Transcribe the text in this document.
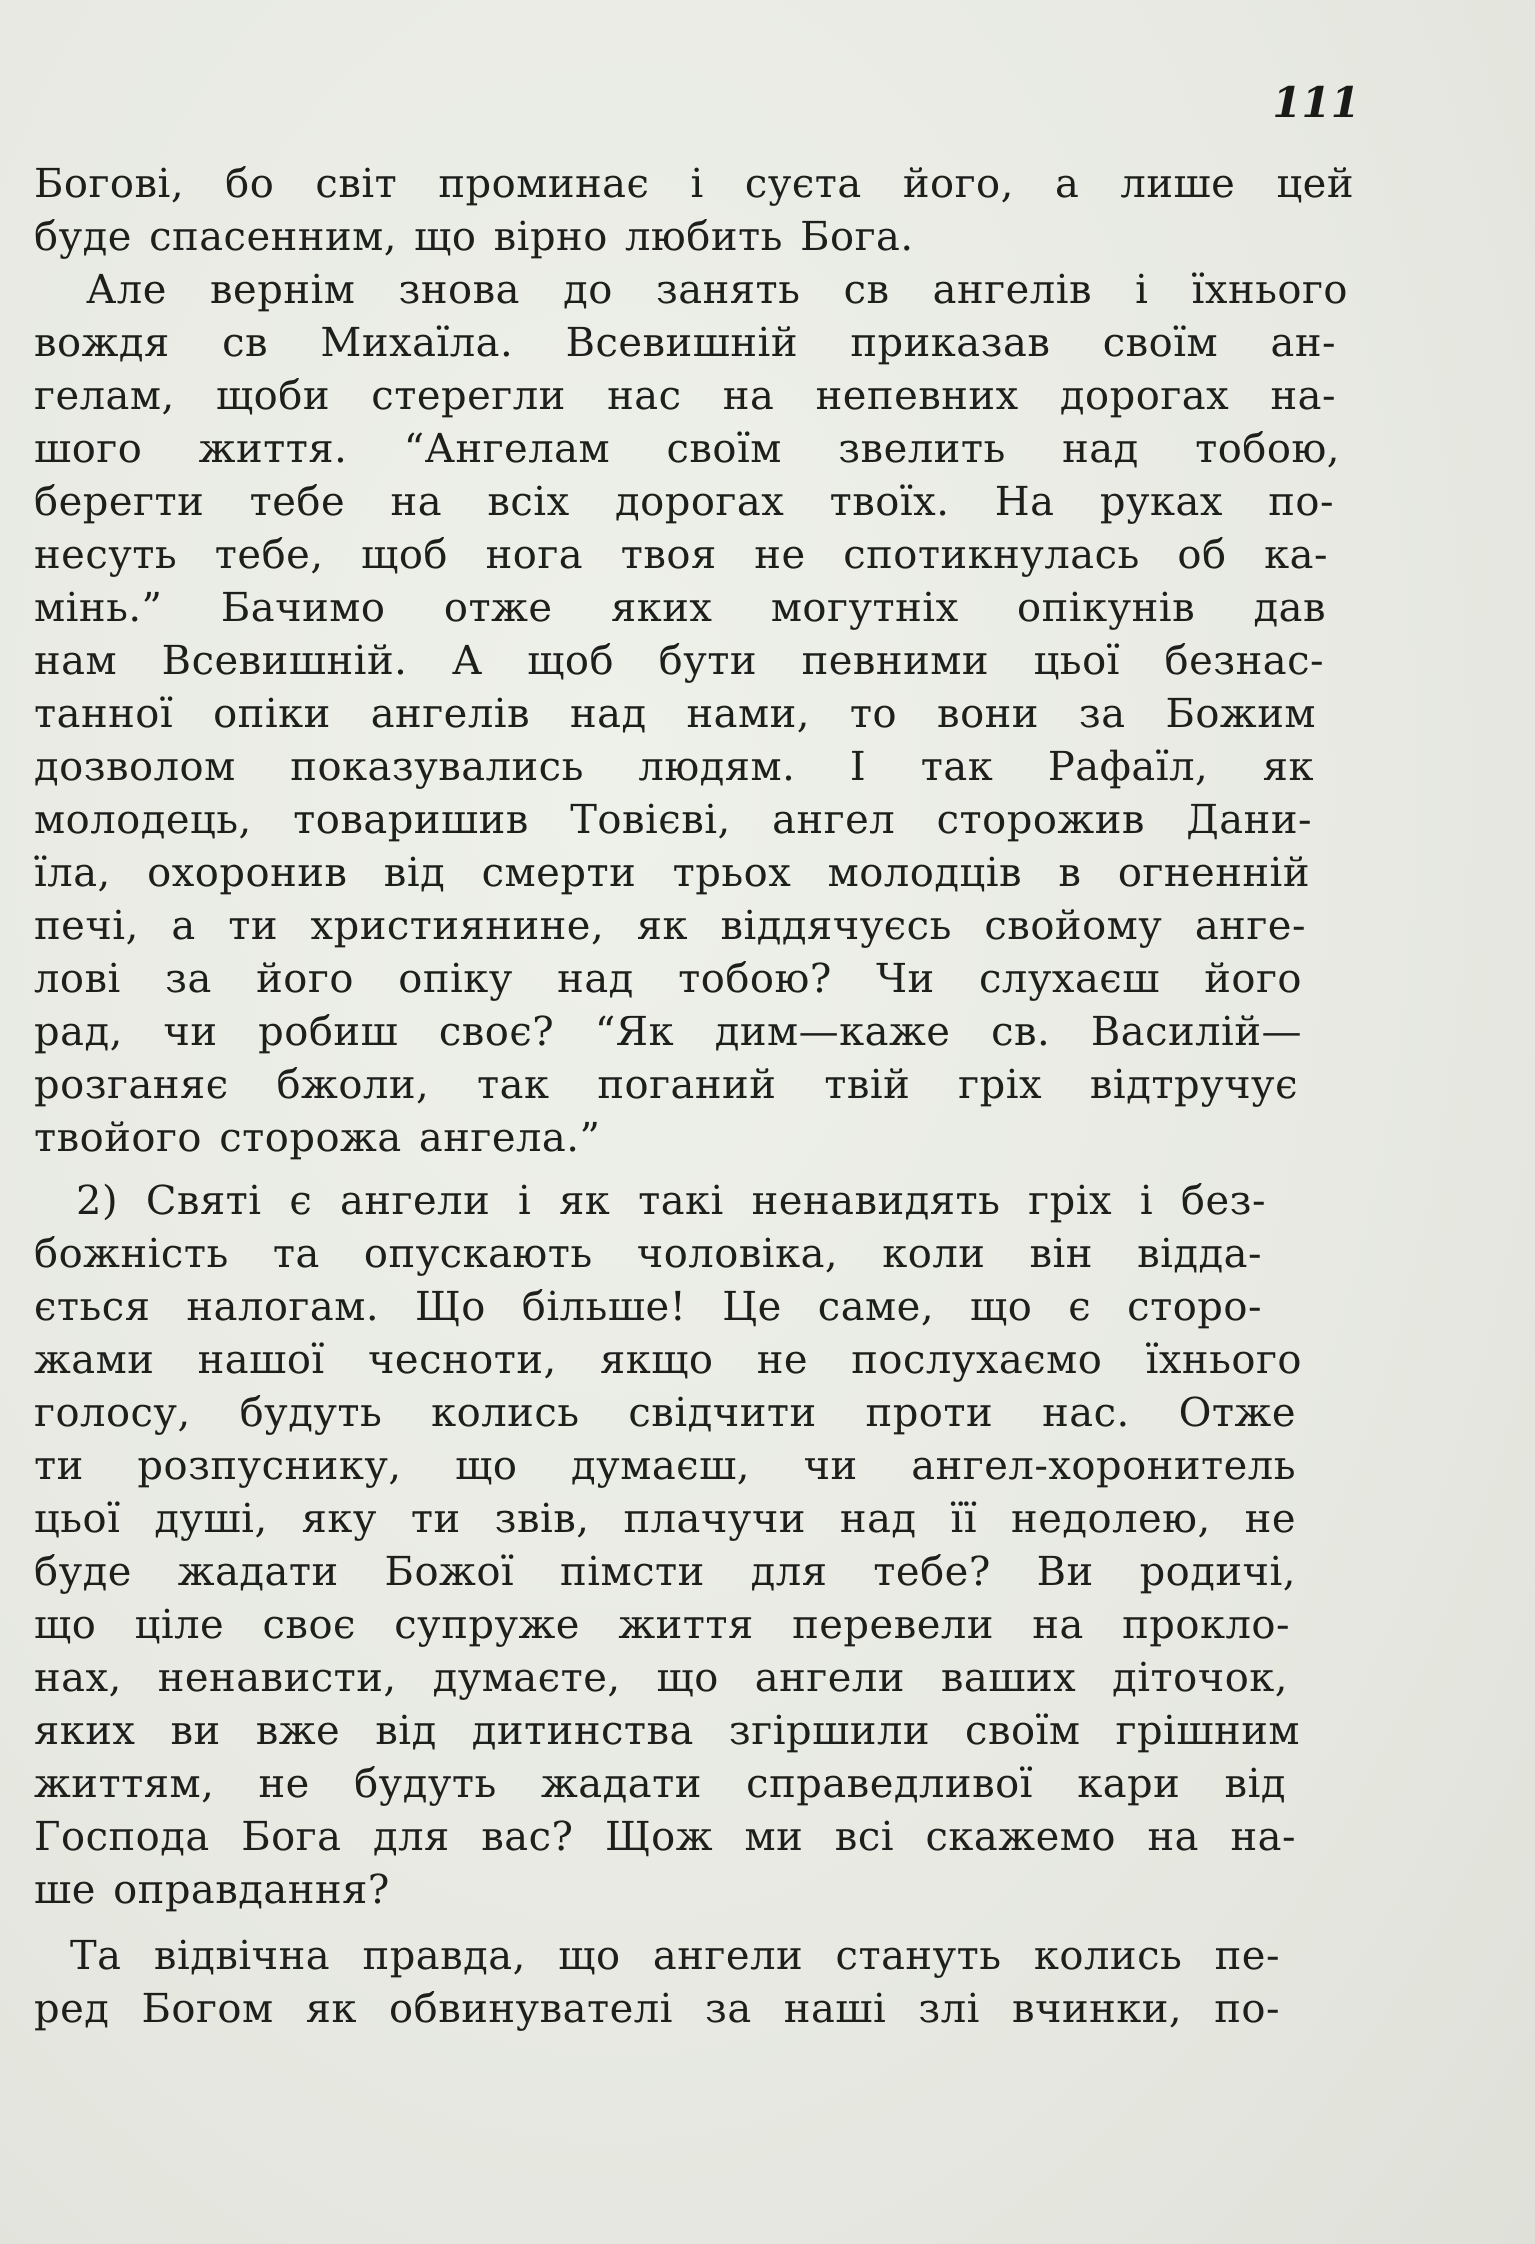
111
Богові, бо світ проминає і суєта його, а лише цей
буде спасенним, що вірно любить Бога.
Але вернім знова до занять св ангелів і їхнього
вождя св Михаїла. Всевишній приказав своїм ан-
гелам, щоби стерегли нас на непевних дорогах на-
шого життя. “Ангелам своїм звелить над тобою,
берегти тебе на всіх дорогах твоїх. На руках по-
несуть тебе, щоб нога твоя не спотикнулась об ка-
мінь.” Бачимо отже яких могутніх опікунів дав
нам Всевишній. А щоб бути певними цьої безнас-
танної опіки ангелів над нами, то вони за Божим
дозволом показувались людям. І так Рафаїл, як
молодець, товаришив Товієві, ангел сторожив Дани-
їла, охоронив від смерти трьох молодців в огненній
печі, а ти християнине, як віддячуєсь свойому анге-
лові за його опіку над тобою? Чи слухаєш його
рад, чи робиш своє? “Як дим—каже св. Василій—
розганяє бжоли, так поганий твій гріх відтручує
твойого сторожа ангела.”
2) Святі є ангели і як такі ненавидять гріх і без-
божність та опускають чоловіка, коли він відда-
ється налогам. Що більше! Це саме, що є сторо-
жами нашої чесноти, якщо не послухаємо їхнього
голосу, будуть колись свідчити проти нас. Отже
ти розпуснику, що думаєш, чи ангел-хоронитель
цьої душі, яку ти звів, плачучи над її недолею, не
буде жадати Божої пімсти для тебе? Ви родичі,
що ціле своє супруже життя перевели на прокло-
нах, ненависти, думаєте, що ангели ваших діточок,
яких ви вже від дитинства згіршили своїм грішним
життям, не будуть жадати справедливої кари від
Господа Бога для вас? Щож ми всі скажемо на на-
ше оправдання?
Та відвічна правда, що ангели стануть колись пе-
ред Богом як обвинувателі за наші злі вчинки, по-
